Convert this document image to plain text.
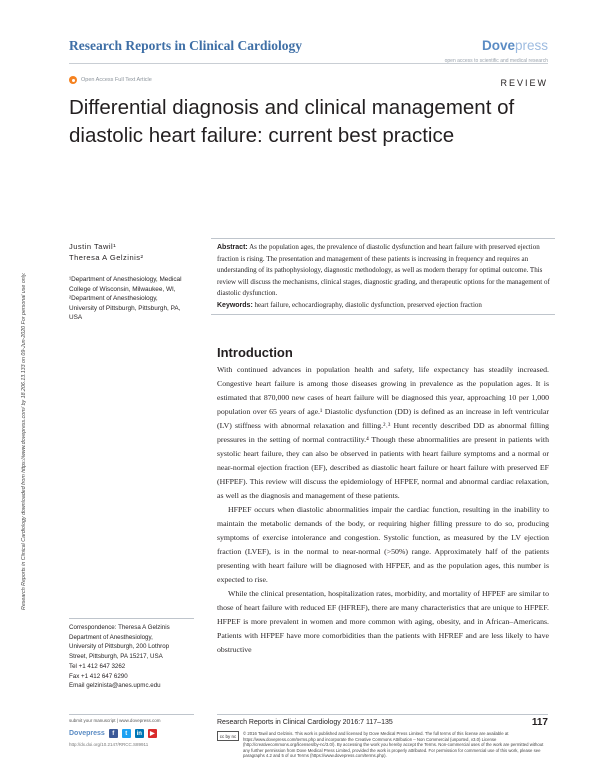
Research Reports in Clinical Cardiology	Dovepress
open access to scientific and medical research
Open Access Full Text Article	REVIEW
Differential diagnosis and clinical management of diastolic heart failure: current best practice
Research Reports in Clinical Cardiology downloaded from https://www.dovepress.com/ by 18.206.13.133 on 09-Jun-2020 For personal use only.
Justin Tawil¹
Theresa A Gelzinis²
¹Department of Anesthesiology, Medical College of Wisconsin, Milwaukee, WI, ²Department of Anesthesiology, University of Pittsburgh, Pittsburgh, PA, USA

Abstract: As the population ages, the prevalence of diastolic dysfunction and heart failure with preserved ejection fraction is rising. The presentation and management of these patients is increasing in frequency and requires an understanding of its pathophysiology, diagnostic methodology, as well as modern therapy for optimal outcome. This review will discuss the mechanisms, clinical stages, diagnostic grading, and therapeutic options for the management of diastolic dysfunction.

Keywords: heart failure, echocardiography, diastolic dysfunction, preserved ejection fraction

Introduction

With continued advances in population health and safety, life expectancy has steadily increased. Congestive heart failure is among those diseases growing in prevalence as the population ages. It is estimated that 870,000 new cases of heart failure will be diagnosed this year, approaching 10 per 1,000 population over 65 years of age.¹ Diastolic dysfunction (DD) is defined as an increase in left ventricular (LV) stiffness with abnormal relaxation and filling.²˒³ Hunt recently described DD as abnormal filling pressures in the setting of normal contractility.⁴ Though these abnormalities are present in patients with systolic heart failure, they can also be observed in patients with heart failure symptoms and a normal or near-normal ejection fraction (EF), described as diastolic heart failure or heart failure with preserved EF (HFPEF). This review will discuss the epidemiology of HFPEF, normal and abnormal cardiac relaxation, as well as the diagnosis and management of these patients.

HFPEF occurs when diastolic abnormalities impair the cardiac function, resulting in the inability to maintain the metabolic demands of the body, or requiring higher filling pressure to do so, producing symptoms of exercise intolerance and congestion. Systolic function, as measured by the LV ejection fraction (LVEF), is in the normal to near-normal (>50%) range. Approximately half of the patients presenting with heart failure will be diagnosed with HFPEF, and as the population ages, this number is expected to rise.

While the clinical presentation, hospitalization rates, morbidity, and mortality of HFPEF are similar to those of heart failure with reduced EF (HFREF), there are many characteristics that are unique to HFPEF. HFPEF is more prevalent in women and more common with aging, obesity, and in African–Americans. Patients with HFPEF have more comorbidities than the patients with HFREF and are less likely to have obstructive

Correspondence: Theresa A Gelzinis
Department of Anesthesiology,
University of Pittsburgh, 200 Lothrop
Street, Pittsburgh, PA 15217, USA
Tel +1 412 647 3262
Fax +1 412 647 6290
Email gelzinista@anes.upmc.edu
submit your manuscript | www.dovepress.com
Dovepress	f	t	in	▶
http://dx.doi.org/10.2147/RRCC.S89911
Research Reports in Clinical Cardiology 2016:7 117–135	117
cc by nc	© 2016 Tawil and Gelzinis. This work is published and licensed by Dove Medical Press Limited. The full terms of this license are available at https://www.dovepress.com/terms.php and incorporate the Creative Commons Attribution – Non Commercial (unported, v3.0) License (http://creativecommons.org/licenses/by-nc/3.0/). By accessing the work you hereby accept the Terms. Non-commercial uses of the work are permitted without any further permission from Dove Medical Press Limited, provided the work is properly attributed. For permission for commercial use of this work, please see paragraphs 4.2 and 5 of our Terms (https://www.dovepress.com/terms.php).
